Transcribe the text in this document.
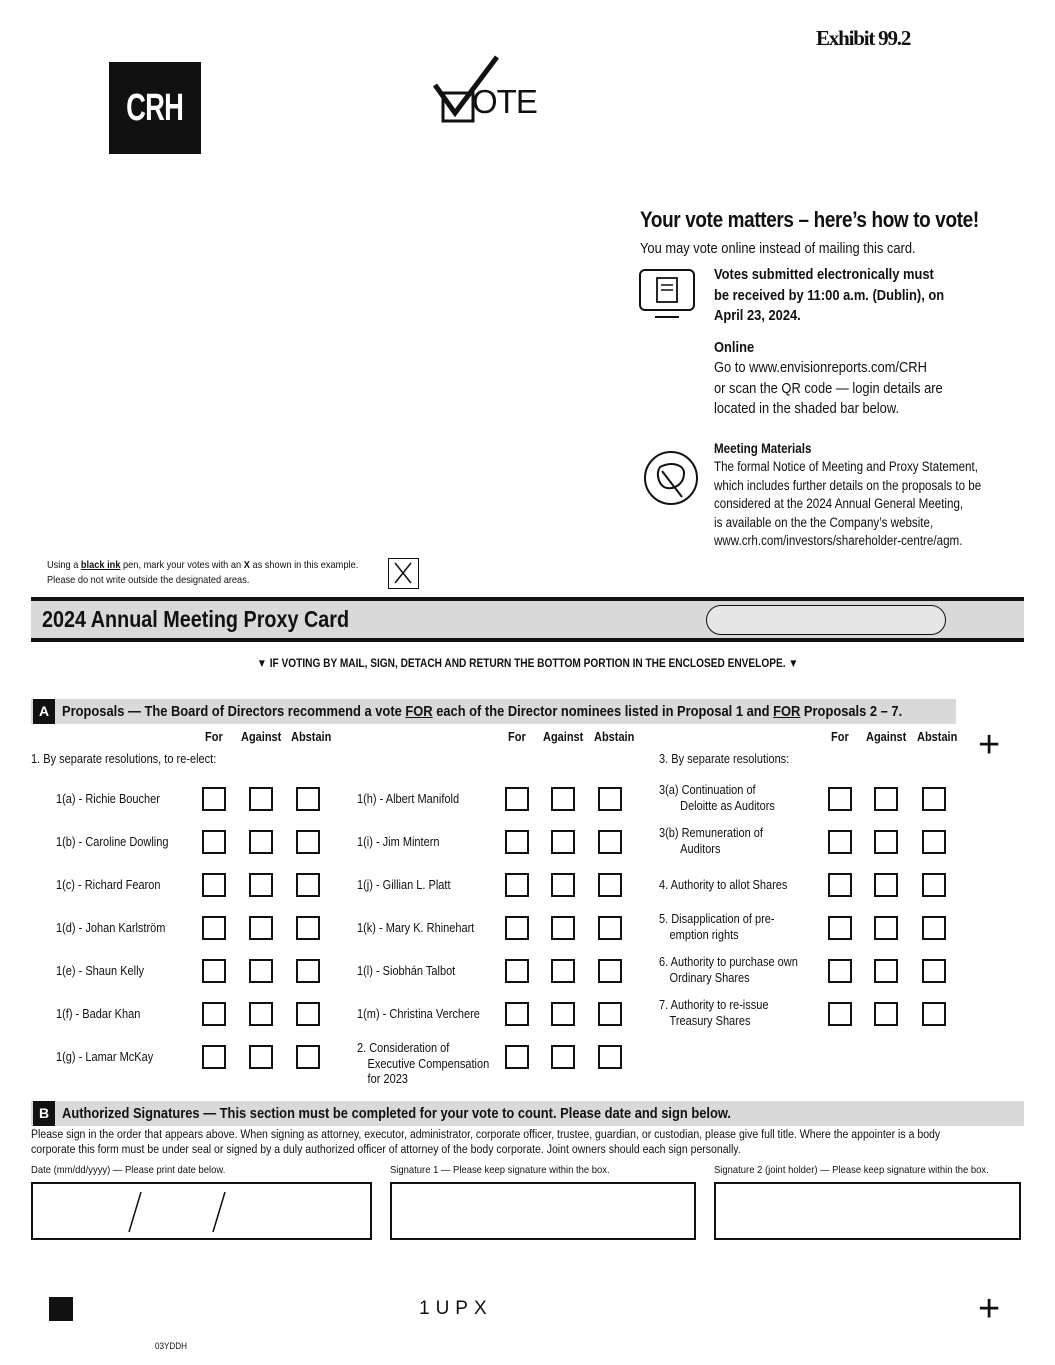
Exhibit 99.2
CRH	OTE
Your vote matters – here’s how to vote!
You may vote online instead of mailing this card.
Votes submitted electronically must
be received by 11:00 a.m. (Dublin), on
April 23, 2024.
Online
Go to www.envisionreports.com/CRH
or scan the QR code — login details are
located in the shaded bar below.
Meeting Materials
The formal Notice of Meeting and Proxy Statement,
which includes further details on the proposals to be
considered at the 2024 Annual General Meeting,
is available on the the Company’s website,
www.crh.com/investors/shareholder-centre/agm.
Using a black ink pen, mark your votes with an X as shown in this example.
Please do not write outside the designated areas.
2024 Annual Meeting Proxy Card
▼ IF VOTING BY MAIL, SIGN, DETACH AND RETURN THE BOTTOM PORTION IN THE ENCLOSED ENVELOPE. ▼
A Proposals — The Board of Directors recommend a vote FOR each of the Director nominees listed in Proposal 1 and FOR Proposals 2 – 7.
For Against Abstain	For Against Abstain	For Against Abstain +
1. By separate resolutions, to re-elect:	3. By separate resolutions:
1(a) - Richie Boucher
1(b) - Caroline Dowling
1(c) - Richard Fearon
1(d) - Johan Karlström
1(e) - Shaun Kelly
1(f) - Badar Khan
1(g) - Lamar McKay
1(h) - Albert Manifold
1(i) - Jim Mintern
1(j) - Gillian L. Platt
1(k) - Mary K. Rhinehart
1(l) - Siobhán Talbot
1(m) - Christina Verchere
2. Consideration of
Executive Compensation
for 2023
3(a) Continuation of
Deloitte as Auditors
3(b) Remuneration of
Auditors
4. Authority to allot Shares
5. Disapplication of pre-
emption rights
6. Authority to purchase own
Ordinary Shares
7. Authority to re-issue
Treasury Shares
B Authorized Signatures — This section must be completed for your vote to count. Please date and sign below.
Please sign in the order that appears above. When signing as attorney, executor, administrator, corporate officer, trustee, guardian, or custodian, please give full title. Where the appointer is a body
corporate this form must be under seal or signed by a duly authorized officer of attorney of the body corporate. Joint owners should each sign personally.
Date (mm/dd/yyyy) — Please print date below.	Signature 1 — Please keep signature within the box.	Signature 2 (joint holder) — Please keep signature within the box.
1UPX	+
03YDDH
